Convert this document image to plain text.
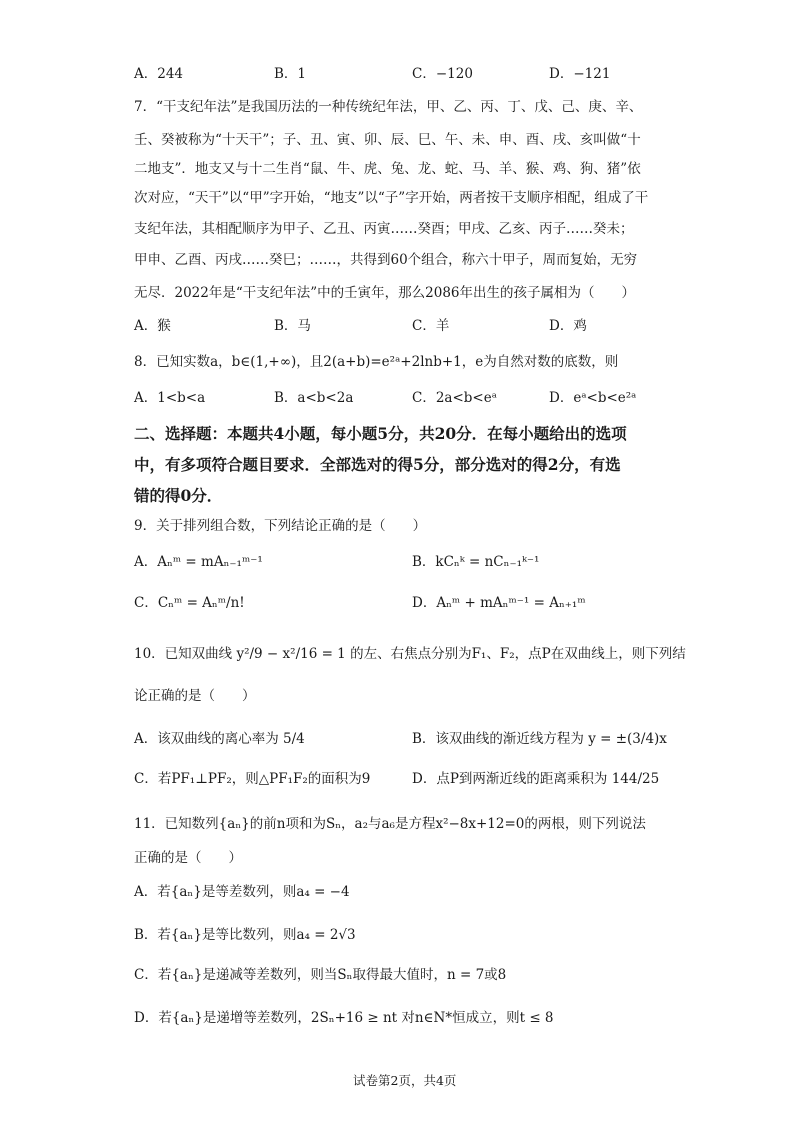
A．244	B．1	C．−120	D．−121
7．“干支纪年法”是我国历法的一种传统纪年法，甲、乙、丙、丁、戊、己、庚、辛、
壬、癸被称为“十天干”；子、丑、寅、卯、辰、巳、午、未、申、酉、戌、亥叫做“十
二地支”．地支又与十二生肖“鼠、牛、虎、兔、龙、蛇、马、羊、猴、鸡、狗、猪”依
次对应，“天干”以“甲”字开始，“地支”以“子”字开始，两者按干支顺序相配，组成了干
支纪年法，其相配顺序为甲子、乙丑、丙寅……癸酉；甲戌、乙亥、丙子……癸未；
甲申、乙酉、丙戌……癸巳；……，共得到60个组合，称六十甲子，周而复始，无穷
无尽．2022年是“干支纪年法”中的壬寅年，那么2086年出生的孩子属相为（　　）
A．猴	B．马	C．羊	D．鸡
8．已知实数a，b∈(1,+∞)，且2(a+b)=e²ᵃ+2lnb+1，e为自然对数的底数，则
A．1<b<a	B．a<b<2a	C．2a<b<eᵃ	D．eᵃ<b<e²ᵃ
二、选择题：本题共4小题，每小题5分，共20分．在每小题给出的选项
中，有多项符合题目要求．全部选对的得5分，部分选对的得2分，有选
错的得0分．
9．关于排列组合数，下列结论正确的是（　　）
A．Aₙᵐ = mAₙ₋₁ᵐ⁻¹	B．kCₙᵏ = nCₙ₋₁ᵏ⁻¹
C．Cₙᵐ = Aₙᵐ/n!	D．Aₙᵐ + mAₙᵐ⁻¹ = Aₙ₊₁ᵐ
10．已知双曲线 y²/9 − x²/16 = 1 的左、右焦点分别为F₁、F₂，点P在双曲线上，则下列结
论正确的是（　　）
A．该双曲线的离心率为 5/4	B．该双曲线的渐近线方程为 y = ±(3/4)x
C．若PF₁⊥PF₂，则△PF₁F₂的面积为9	D．点P到两渐近线的距离乘积为 144/25
11．已知数列{aₙ}的前n项和为Sₙ，a₂与a₆是方程x²−8x+12=0的两根，则下列说法
正确的是（　　）
A．若{aₙ}是等差数列，则a₄ = −4
B．若{aₙ}是等比数列，则a₄ = 2√3
C．若{aₙ}是递减等差数列，则当Sₙ取得最大值时，n = 7或8
D．若{aₙ}是递增等差数列，2Sₙ+16 ≥ nt 对n∈N*恒成立，则t ≤ 8
试卷第2页，共4页
